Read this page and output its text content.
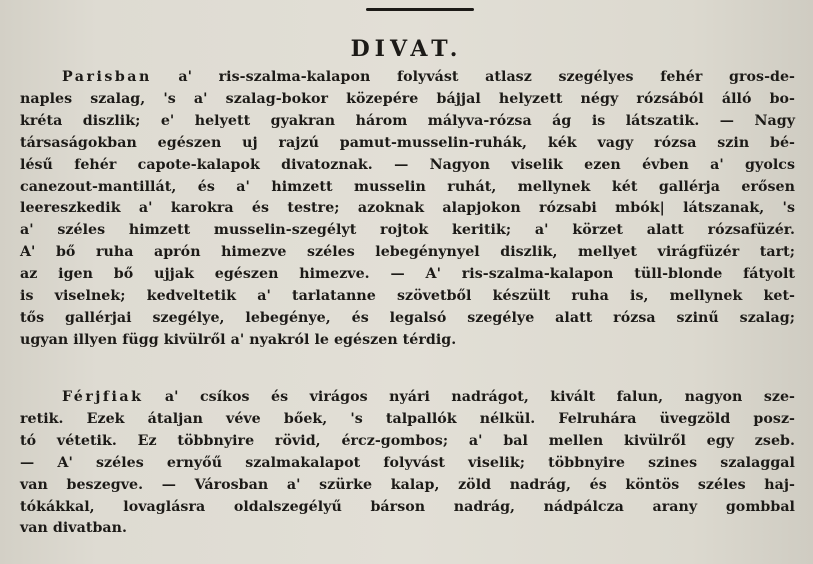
DIVAT.
Parisban a' ris-szalma-kalapon folyvást atlasz szegélyes fehér gros-de-
naples szalag, 's a' szalag-bokor közepére bájjal helyzett négy rózsából álló bo-
kréta diszlik; e' helyett gyakran három mályva-rózsa ág is látszatik. — Nagy
társaságokban egészen uj rajzú pamut-musselin-ruhák, kék vagy rózsa szin bé-
lésű fehér capote-kalapok divatoznak. — Nagyon viselik ezen évben a' gyolcs
canezout-mantillát, és a' himzett musselin ruhát, mellynek két gallérja erősen
leereszkedik a' karokra és testre; azoknak alapjokon rózsabi mbók| látszanak, 's
a' széles himzett musselin-szegélyt rojtok keritik; a' körzet alatt rózsafüzér.
A' bő ruha aprón himezve széles lebegénynyel diszlik, mellyet virágfüzér tart;
az igen bő ujjak egészen himezve. — A' ris-szalma-kalapon tüll-blonde fátyolt
is viselnek; kedveltetik a' tarlatanne szövetből készült ruha is, mellynek ket-
tős gallérjai szegélye, lebegénye, és legalsó szegélye alatt rózsa szinű szalag;
ugyan illyen függ kivülről a' nyakról le egészen térdig.
Férjfiak a' csíkos és virágos nyári nadrágot, kivált falun, nagyon sze-
retik. Ezek átaljan véve bőek, 's talpallók nélkül. Felruhára üvegzöld posz-
tó vétetik. Ez többnyire rövid, ércz-gombos; a' bal mellen kivülről egy zseb.
— A' széles ernyőű szalmakalapot folyvást viselik; többnyire szines szalaggal
van beszegve. — Városban a' szürke kalap, zöld nadrág, és köntös széles haj-
tókákkal, lovaglásra oldalszegélyű bárson nadrág, nádpálcza arany gombbal
van divatban.
